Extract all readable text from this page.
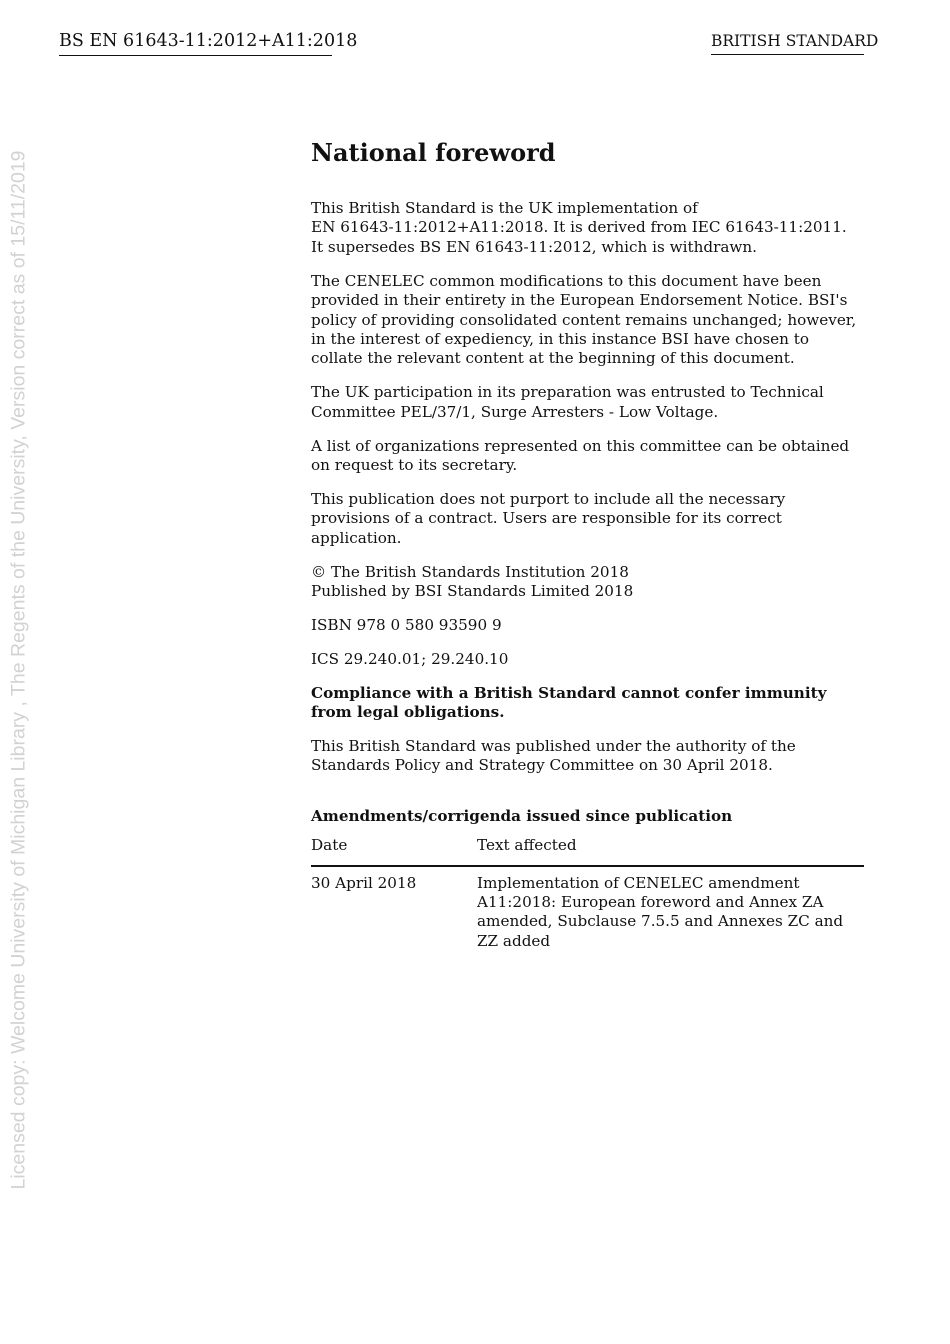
BS EN 61643-11:2012+A11:2018	BRITISH STANDARD
Licensed copy: Welcome University of Michigan Library , The Regents of the University, Version correct as of 15/11/2019	National foreword

This British Standard is the UK implementation of
EN 61643-11:2012+A11:2018. It is derived from IEC 61643-11:2011.
It supersedes BS EN 61643-11:2012, which is withdrawn.

The CENELEC common modifications to this document have been provided in their entirety in the European Endorsement Notice. BSI's policy of providing consolidated content remains unchanged; however, in the interest of expediency, in this instance BSI have chosen to collate the relevant content at the beginning of this document.

The UK participation in its preparation was entrusted to Technical Committee PEL/37/1, Surge Arresters - Low Voltage.

A list of organizations represented on this committee can be obtained on request to its secretary.

This publication does not purport to include all the necessary provisions of a contract. Users are responsible for its correct application.

© The British Standards Institution 2018
Published by BSI Standards Limited 2018

ISBN 978 0 580 93590 9

ICS 29.240.01; 29.240.10

Compliance with a British Standard cannot confer immunity from legal obligations.

This British Standard was published under the authority of the Standards Policy and Strategy Committee on 30 April 2018.

Amendments/corrigenda issued since publication
Date	Text affected
30 April 2018	Implementation of CENELEC amendment A11:2018: European foreword and Annex ZA amended, Subclause 7.5.5 and Annexes ZC and ZZ added
